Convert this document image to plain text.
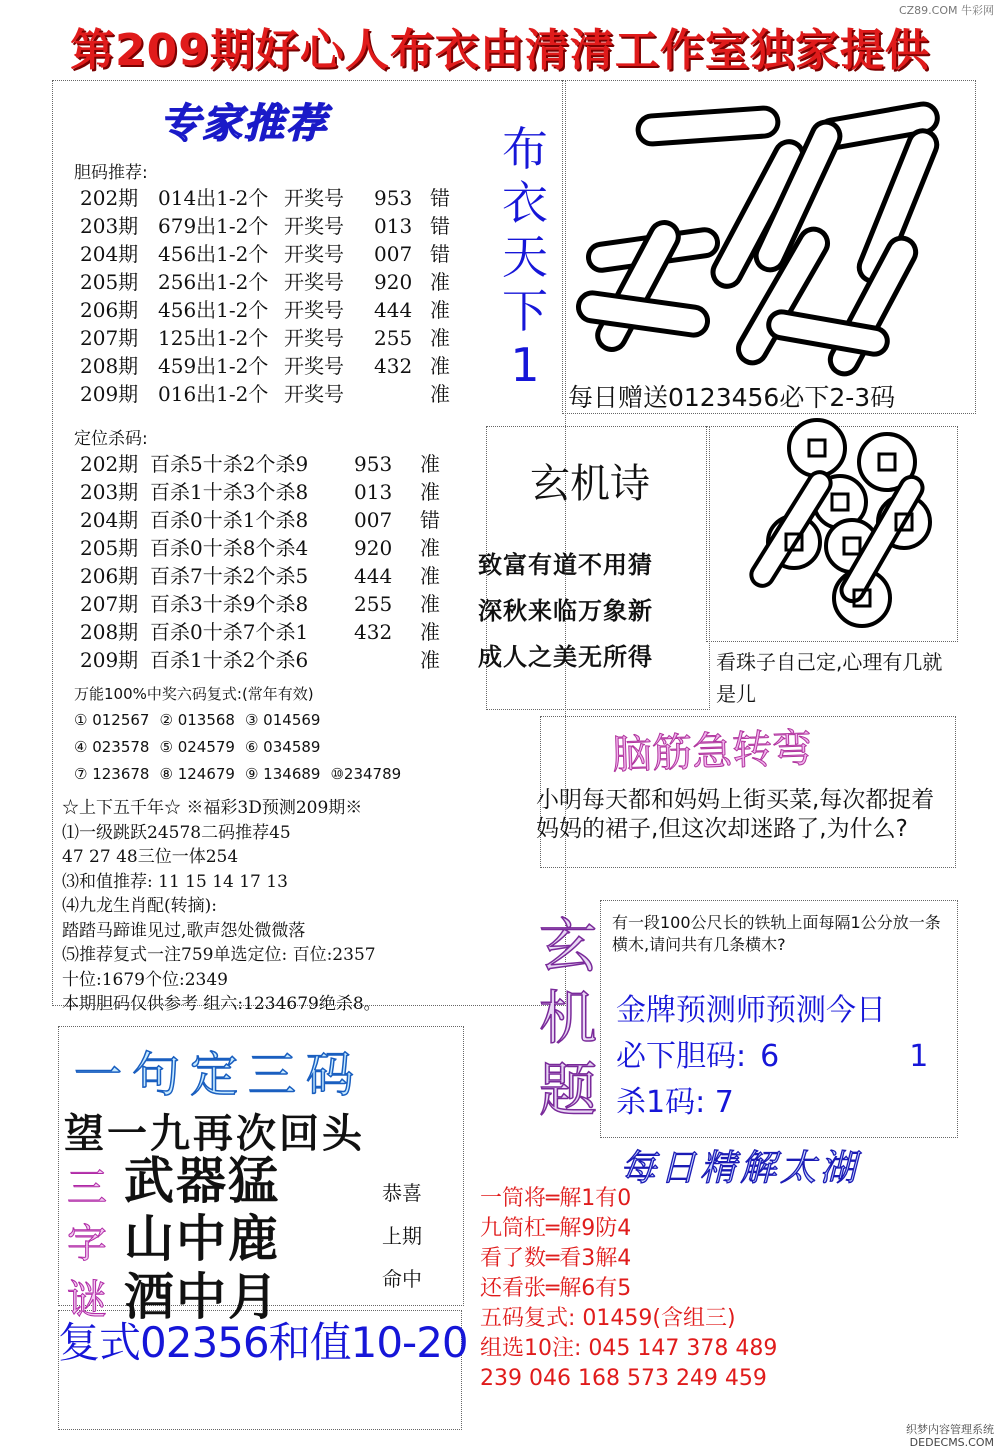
CZ89.COM 牛彩网
第209期好心人布衣由清清工作室独家提供
专家推荐
胆码推荐:
202期 014出1-2个 开奖号	953 错
203期 679出1-2个 开奖号	013 错
204期 456出1-2个 开奖号	007 错
205期 256出1-2个 开奖号	920 准
206期 456出1-2个 开奖号	444 准
207期 125出1-2个 开奖号	255 准
208期 459出1-2个 开奖号	432 准
209期 016出1-2个 开奖号	准
定位杀码:
202期 百杀5十杀2个杀9	953	准
203期 百杀1十杀3个杀8	013	准
204期 百杀0十杀1个杀8	007	错
205期 百杀0十杀8个杀4	920	准
206期 百杀7十杀2个杀5	444	准
207期 百杀3十杀9个杀8	255	准
208期 百杀0十杀7个杀1	432	准
209期 百杀1十杀2个杀6	准
万能100%中奖六码复式:(常年有效)
① 012567 ② 013568 ③ 014569
④ 023578 ⑤ 024579 ⑥ 034589
⑦ 123678 ⑧ 124679 ⑨ 134689 ⑩234789
☆上下五千年☆ ※福彩3D预测209期※
⑴一级跳跃24578二码推荐45
47 27 48三位一体254
⑶和值推荐: 11 15 14 17 13
⑷九龙生肖配(转摘):
踏踏马蹄谁见过,歌声怨处微微落
⑸推荐复式一注759单选定位: 百位:2357
十位:1679个位:2349
本期胆码仅供参考 组六:1234679绝杀8。
布
衣
天
下
1
每日赠送0123456必下2-3码
玄机诗
致富有道不用猜
深秋来临万象新
成人之美无所得	看珠子自己定,心理有几就是儿
脑筋急转弯
小明每天都和妈妈上街买菜,每次都捉着妈妈的裙子,但这次却迷路了,为什么?
玄
机
题
有一段100公尺长的铁轨上面每隔1公分放一条横木,请问共有几条横木?
金牌预测师预测今日
必下胆码: 6	1
杀1码: 7
每日精解太湖
一筒将═解1有0
九筒杠═解9防4
看了数═看3解4
还看张═解6有5
五码复式: 01459(含组三)
组选10注: 045 147 378 489
239 046 168 573 249 459
一句定三码
望一九再次回头
三
字
谜
武器猛
山中鹿
酒中月
恭喜
上期
命中
复式02356和值10-20
织梦内容管理系统
DEDECMS.COM
